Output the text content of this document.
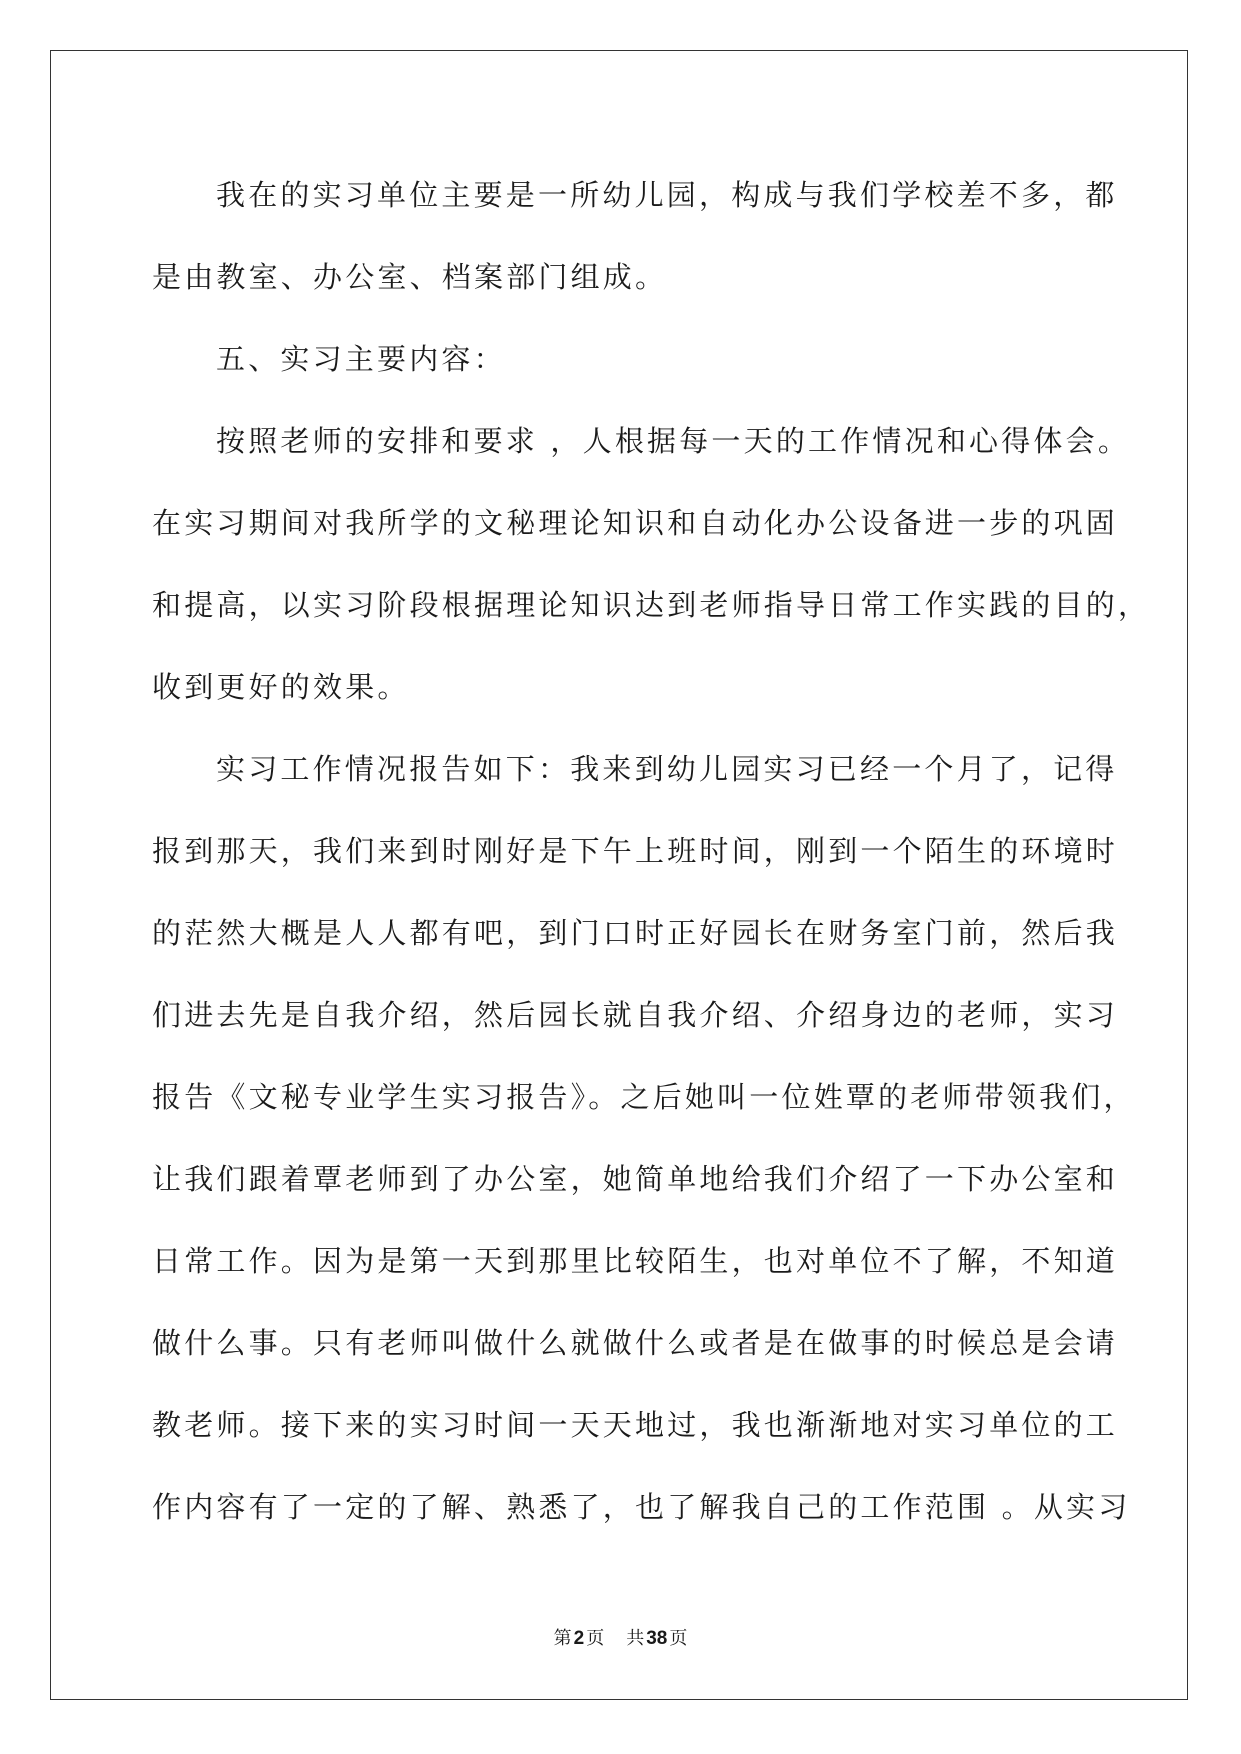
我在的实习单位主要是一所幼儿园，构成与我们学校差不多，都
是由教室、办公室、档案部门组成。
五、实习主要内容：
按照老师的安排和要求 ，人根据每一天的工作情况和心得体会。
在实习期间对我所学的文秘理论知识和自动化办公设备进一步的巩固
和提高，以实习阶段根据理论知识达到老师指导日常工作实践的目的，
收到更好的效果。
实习工作情况报告如下：我来到幼儿园实习已经一个月了，记得
报到那天，我们来到时刚好是下午上班时间，刚到一个陌生的环境时
的茫然大概是人人都有吧，到门口时正好园长在财务室门前，然后我
们进去先是自我介绍，然后园长就自我介绍、介绍身边的老师，实习
报告《文秘专业学生实习报告》。之后她叫一位姓覃的老师带领我们，
让我们跟着覃老师到了办公室，她简单地给我们介绍了一下办公室和
日常工作。因为是第一天到那里比较陌生，也对单位不了解，不知道
做什么事。只有老师叫做什么就做什么或者是在做事的时候总是会请
教老师。接下来的实习时间一天天地过，我也渐渐地对实习单位的工
作内容有了一定的了解、熟悉了，也了解我自己的工作范围 。从实习
第 2 页 共 38 页
